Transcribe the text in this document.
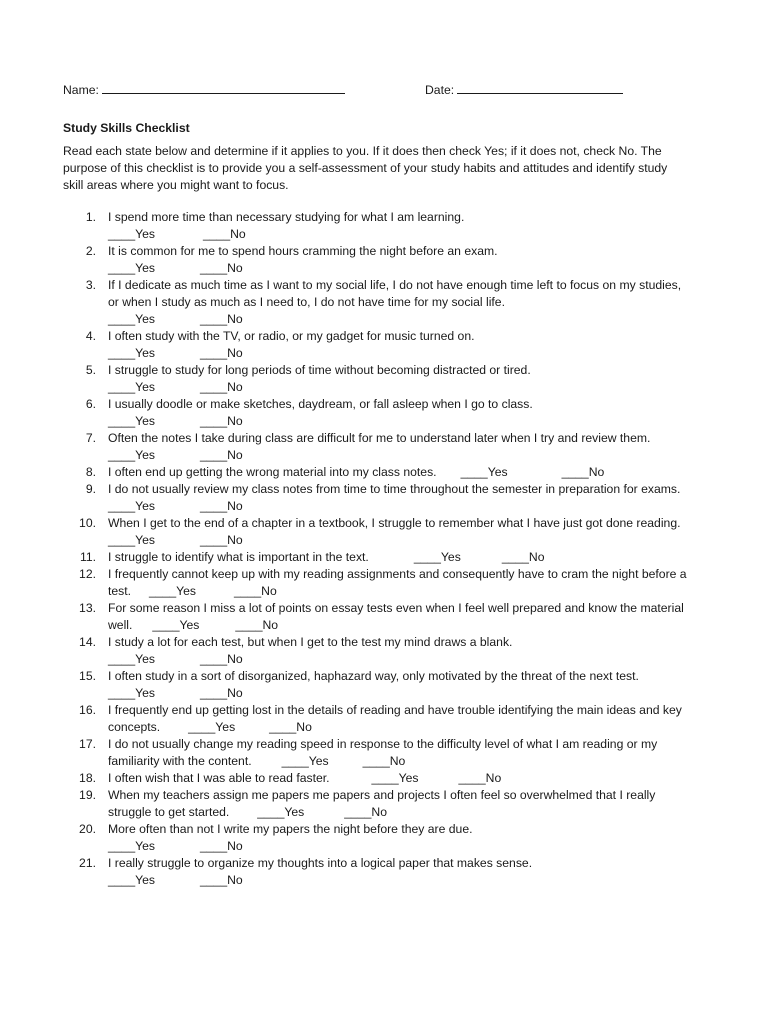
Name:	Date:
Study Skills Checklist

Read each state below and determine if it applies to you. If it does then check Yes; if it does not, check No. The
purpose of this checklist is to provide you a self-assessment of your study habits and attitudes and identify study
skill areas where you might want to focus.

1. I spend more time than necessary studying for what I am learning.
____Yes	____No
2. It is common for me to spend hours cramming the night before an exam.
____Yes	____No
3. If I dedicate as much time as I want to my social life, I do not have enough time left to focus on my studies,
or when I study as much as I need to, I do not have time for my social life.
____Yes	____No
4. I often study with the TV, or radio, or my gadget for music turned on.
____Yes	____No
5. I struggle to study for long periods of time without becoming distracted or tired.
____Yes	____No
6. I usually doodle or make sketches, daydream, or fall asleep when I go to class.
____Yes	____No
7. Often the notes I take during class are difficult for me to understand later when I try and review them.
____Yes	____No
8. I often end up getting the wrong material into my class notes. ____Yes	____No
9. I do not usually review my class notes from time to time throughout the semester in preparation for exams.
____Yes	____No
10. When I get to the end of a chapter in a textbook, I struggle to remember what I have just got done reading.
____Yes	____No
11. I struggle to identify what is important in the text.	____Yes	____No
12. I frequently cannot keep up with my reading assignments and consequently have to cram the night before a
test. ____Yes	____No
13. For some reason I miss a lot of points on essay tests even when I feel well prepared and know the material
well. ____Yes	____No
14. I study a lot for each test, but when I get to the test my mind draws a blank.
____Yes	____No
15. I often study in a sort of disorganized, haphazard way, only motivated by the threat of the next test.
____Yes	____No
16. I frequently end up getting lost in the details of reading and have trouble identifying the main ideas and key
concepts. ____Yes	____No
17. I do not usually change my reading speed in response to the difficulty level of what I am reading or my
familiarity with the content. ____Yes	____No
18. I often wish that I was able to read faster.	____Yes	____No
19. When my teachers assign me papers me papers and projects I often feel so overwhelmed that I really
struggle to get started. ____Yes	____No
20. More often than not I write my papers the night before they are due.
____Yes	____No
21. I really struggle to organize my thoughts into a logical paper that makes sense.
____Yes	____No
